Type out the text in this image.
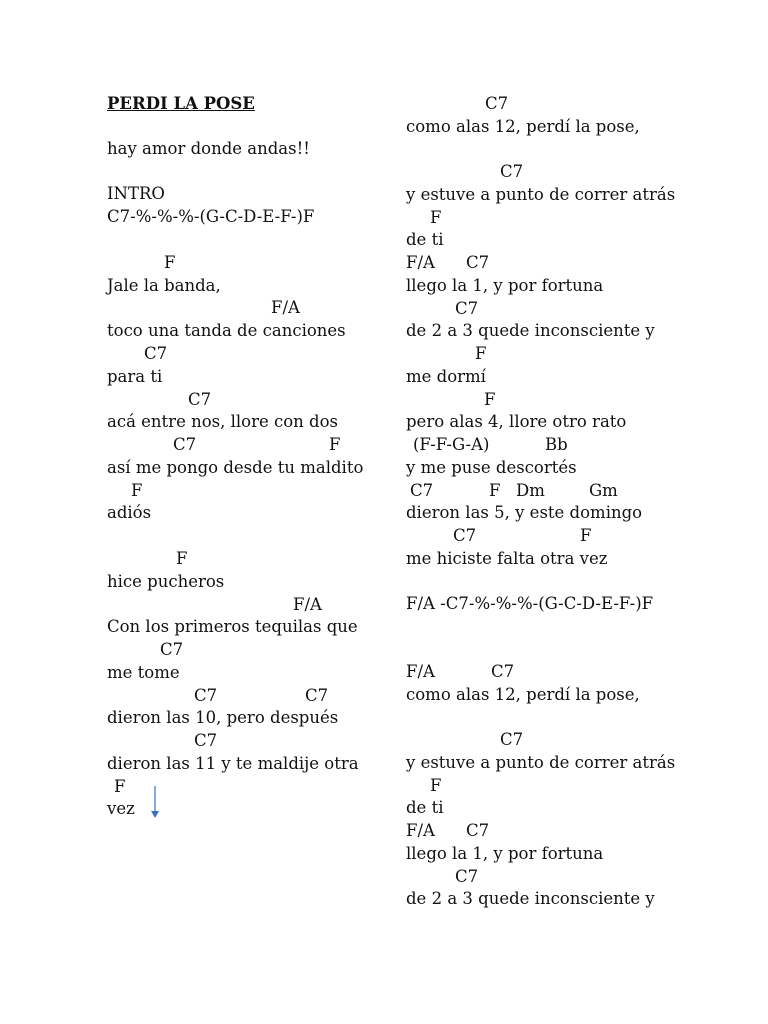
PERDI LA POSE
hay amor donde andas!!
INTRO
C7-%-%-%-(G-C-D-E-F-)F
F
Jale la banda,
F/A
toco una tanda de canciones
C7
para ti
C7
acá entre nos, llore con dos
C7	F
así me pongo desde tu maldito
F
adiós
F
hice pucheros
F/A
Con los primeros tequilas que
C7
me tome
C7	C7
dieron las 10, pero después
C7
dieron las 11 y te maldije otra
F
vez
C7
como alas 12, perdí la pose,
C7
y estuve a punto de correr atrás
F
de ti
F/A C7
llego la 1, y por fortuna
C7
de 2 a 3 quede inconsciente y
F
me dormí
F
pero alas 4, llore otro rato
(F-F-G-A)	Bb
y me puse descortés
C7	F Dm	Gm
dieron las 5, y este domingo
C7	F
me hiciste falta otra vez
F/A -C7-%-%-%-(G-C-D-E-F-)F
F/A	C7
como alas 12, perdí la pose,
C7
y estuve a punto de correr atrás
F
de ti
F/A C7
llego la 1, y por fortuna
C7
de 2 a 3 quede inconsciente y
